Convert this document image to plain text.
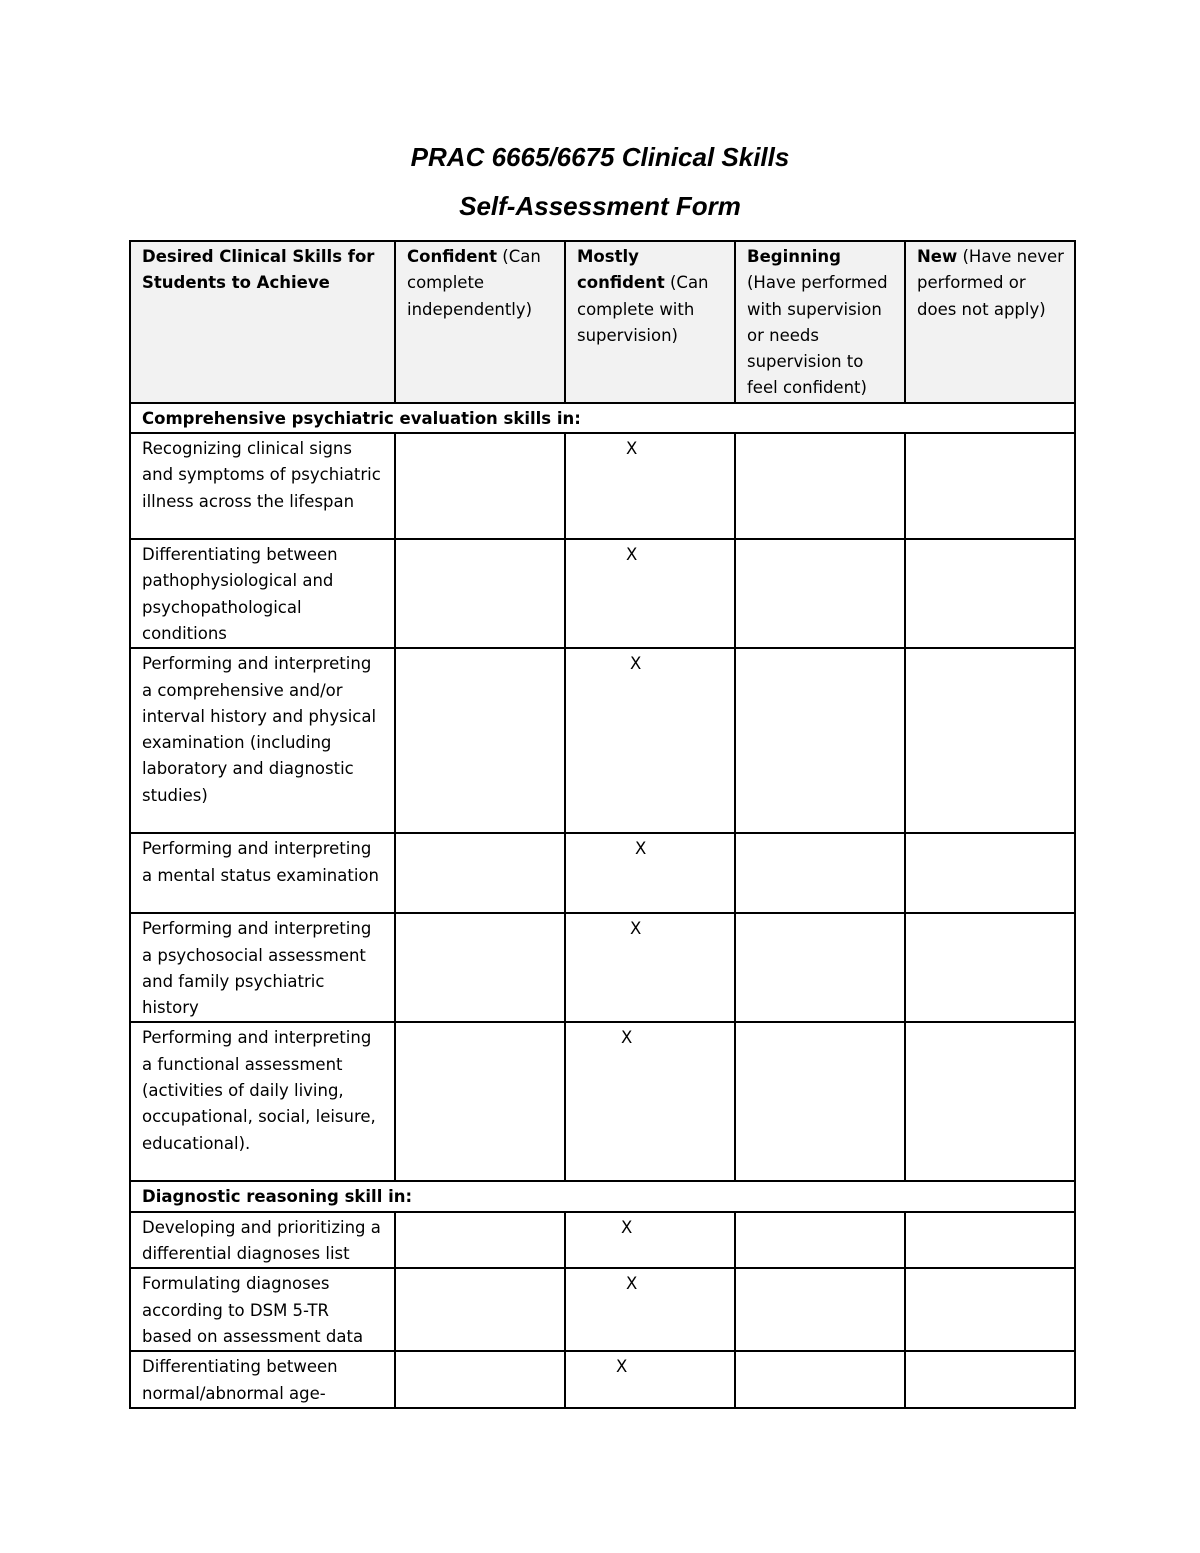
PRAC 6665/6675 Clinical Skills

Self-Assessment Form

Desired Clinical Skills for Students to Achieve	Confident (Can complete independently)	Mostly confident (Can complete with supervision)	Beginning (Have performed with supervision or needs supervision to feel confident)	New (Have never performed or does not apply)
Comprehensive psychiatric evaluation skills in:				
Recognizing clinical signs and symptoms of psychiatric illness across the lifespan		X		

Differentiating between pathophysiological and psychopathological conditions		X		

Performing and interpreting a comprehensive and/or interval history and physical examination (including laboratory and diagnostic studies)		X		

Performing and interpreting a mental status examination		X		

Performing and interpreting a psychosocial assessment and family psychiatric history		X		

Performing and interpreting a functional assessment (activities of daily living, occupational, social, leisure, educational).		X		

Diagnostic reasoning skill in:				
Developing and prioritizing a differential diagnoses list		X		

Formulating diagnoses according to DSM 5-TR based on assessment data		X		

Differentiating between normal/abnormal age-		X		
